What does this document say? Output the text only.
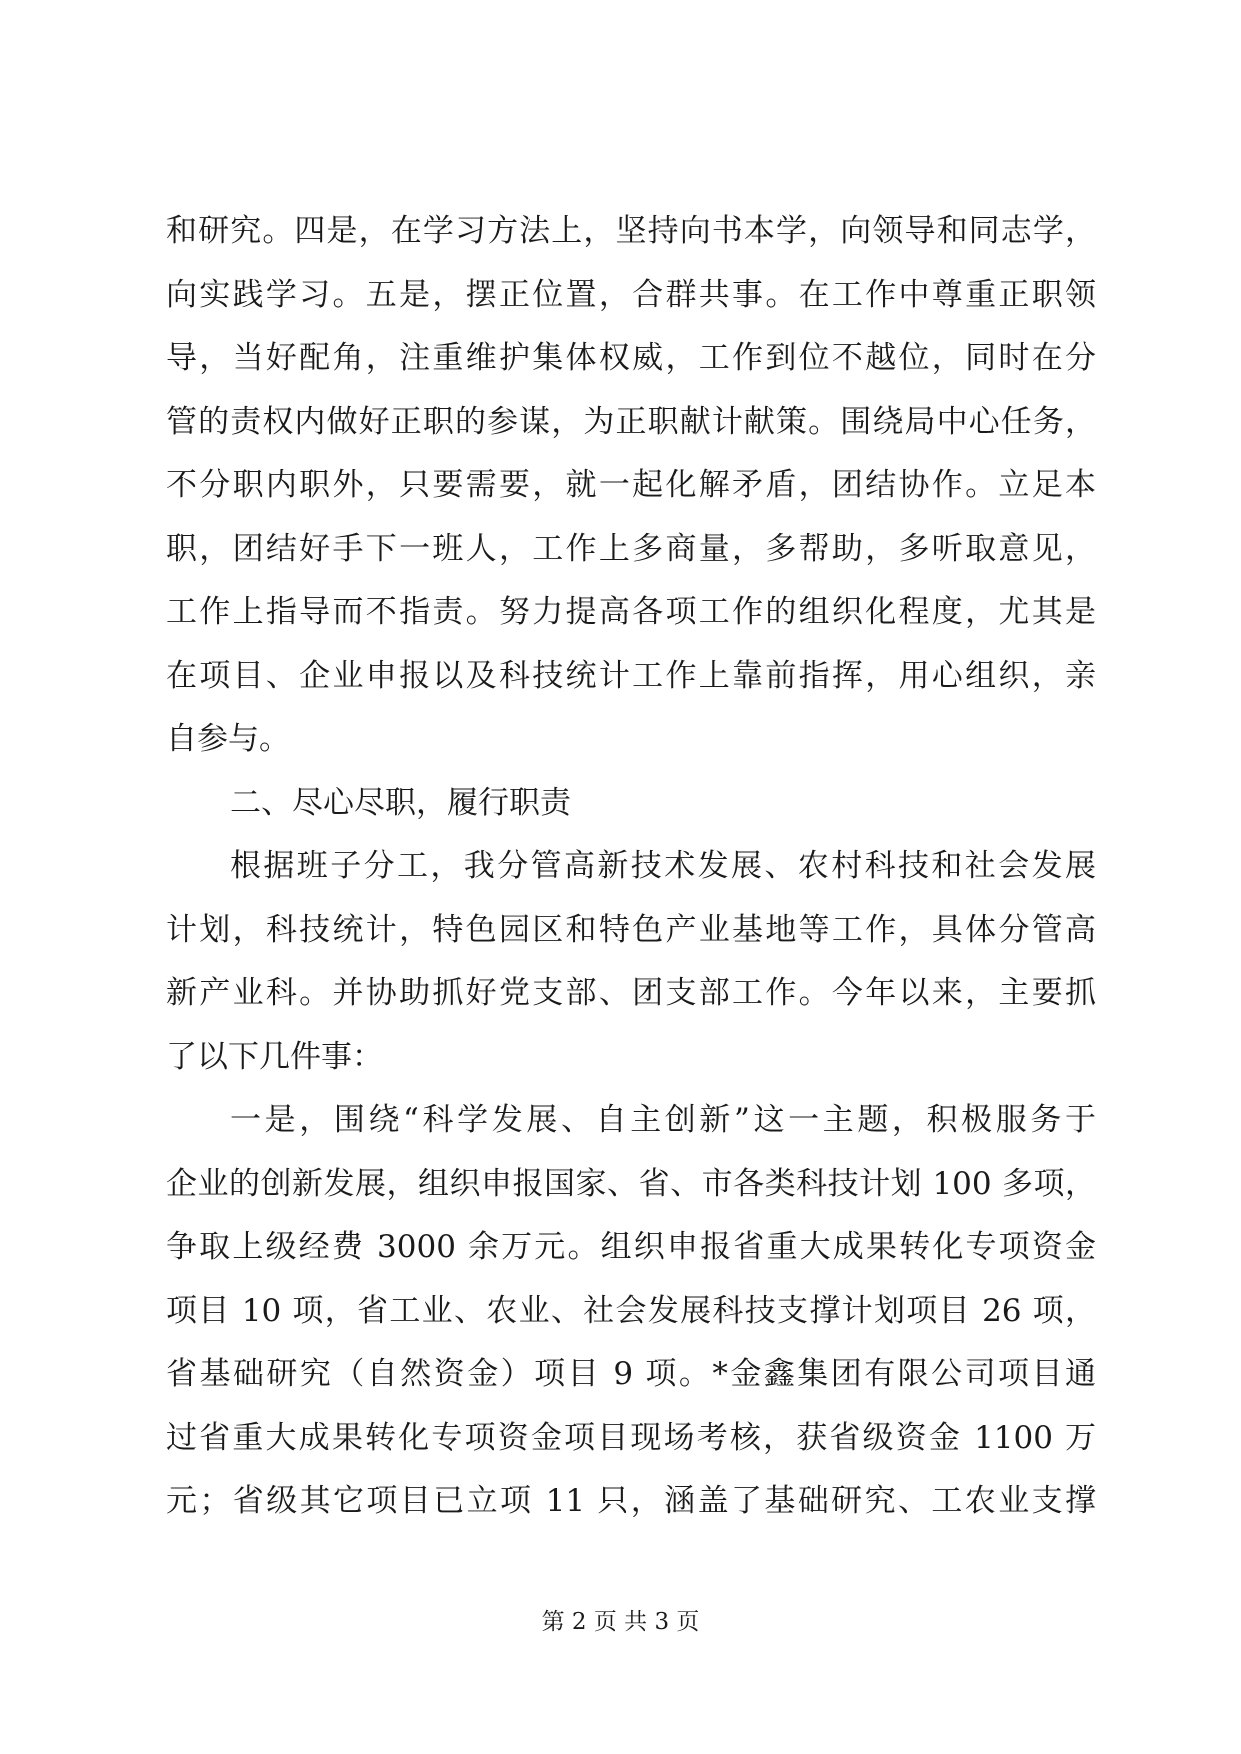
和研究。四是，在学习方法上，坚持向书本学，向领导和同志学，
向实践学习。五是，摆正位置，合群共事。在工作中尊重正职领
导，当好配角，注重维护集体权威，工作到位不越位，同时在分
管的责权内做好正职的参谋，为正职献计献策。围绕局中心任务，
不分职内职外，只要需要，就一起化解矛盾，团结协作。立足本
职，团结好手下一班人，工作上多商量，多帮助，多听取意见，
工作上指导而不指责。努力提高各项工作的组织化程度，尤其是
在项目、企业申报以及科技统计工作上靠前指挥，用心组织，亲
自参与。
二、尽心尽职，履行职责
根据班子分工，我分管高新技术发展、农村科技和社会发展
计划，科技统计，特色园区和特色产业基地等工作，具体分管高
新产业科。并协助抓好党支部、团支部工作。今年以来，主要抓
了以下几件事：
一是，围绕“科学发展、自主创新”这一主题，积极服务于
企业的创新发展，组织申报国家、省、市各类科技计划 100 多项，
争取上级经费 3000 余万元。组织申报省重大成果转化专项资金
项目 10 项，省工业、农业、社会发展科技支撑计划项目 26 项，
省基础研究（自然资金）项目 9 项。*金鑫集团有限公司项目通
过省重大成果转化专项资金项目现场考核，获省级资金 1100 万
元；省级其它项目已立项 11 只，涵盖了基础研究、工农业支撑
第 2 页 共 3 页
